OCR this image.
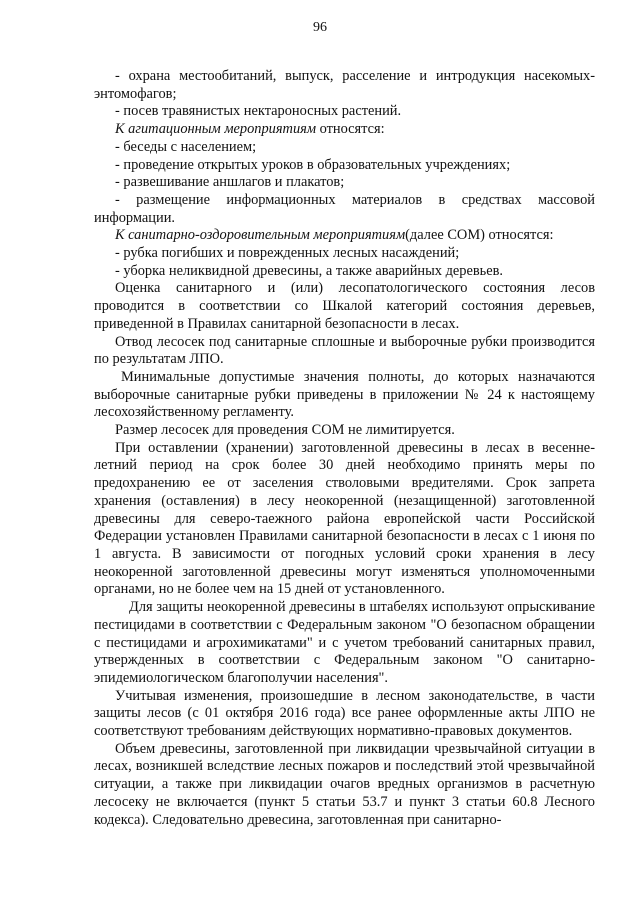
96

- охрана местообитаний, выпуск, расселение и интродукция насекомых-энтомофагов;

- посев травянистых нектароносных растений.

К агитационным мероприятиям относятся:

- беседы с населением;

- проведение открытых уроков в образовательных учреждениях;

- развешивание аншлагов и плакатов;

- размещение информационных материалов в средствах массовой информации.

К санитарно-оздоровительным мероприятиям(далее СОМ) относятся:

- рубка погибших и поврежденных лесных насаждений;

- уборка неликвидной древесины, а также аварийных деревьев.

Оценка санитарного и (или) лесопатологического состояния лесов проводится в соответствии со Шкалой категорий состояния деревьев, приведенной в Правилах санитарной безопасности в лесах.

Отвод лесосек под санитарные сплошные и выборочные рубки производится по результатам ЛПО.

Минимальные допустимые значения полноты, до которых назначаются выборочные санитарные рубки приведены в приложении № 24 к настоящему лесохозяйственному регламенту.

Размер лесосек для проведения СОМ не лимитируется.

При оставлении (хранении) заготовленной древесины в лесах в весенне-летний период на срок более 30 дней необходимо принять меры по предохранению ее от заселения стволовыми вредителями. Срок запрета хранения (оставления) в лесу неокоренной (незащищенной) заготовленной древесины для северо-таежного района европейской части Российской Федерации установлен Правилами санитарной безопасности в лесах с 1 июня по 1 августа. В зависимости от погодных условий сроки хранения в лесу неокоренной заготовленной древесины могут изменяться уполномоченными органами, но не более чем на 15 дней от установленного.

Для защиты неокоренной древесины в штабелях используют опрыскивание пестицидами в соответствии с Федеральным законом "О безопасном обращении с пестицидами и агрохимикатами" и с учетом требований санитарных правил, утвержденных в соответствии с Федеральным законом "О санитарно-эпидемиологическом благополучии населения".

Учитывая изменения, произошедшие в лесном законодательстве, в части защиты лесов (с 01 октября 2016 года) все ранее оформленные акты ЛПО не соответствуют требованиям действующих нормативно-правовых документов.

Объем древесины, заготовленной при ликвидации чрезвычайной ситуации в лесах, возникшей вследствие лесных пожаров и последствий этой чрезвычайной ситуации, а также при ликвидации очагов вредных организмов в расчетную лесосеку не включается (пункт 5 статьи 53.7 и пункт 3 статьи 60.8 Лесного кодекса). Следовательно древесина, заготовленная при санитарно-
